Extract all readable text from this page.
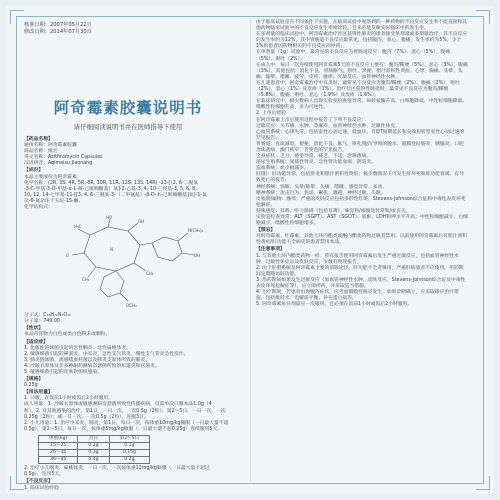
核准日期：2007年05月22日
修改日期：2014年07月30日
阿奇霉素胶囊说明书
请仔细阅读说明书并在医师指导下使用
【药品名称】
通用名称：阿奇霉素胶囊
商品名称：维宏
英文名称：Azithromycin Capsules
汉语拼音：Aqimeisu Jiaonang
【成份】
本品主要成份为阿奇霉素。
化学名称：(2R, 3S, 4R, 5R, 8R, 10R, 11R, 12S, 13S, 14R) -13-[（2, 6-二脱氧
-3-C-甲基-3-O-甲基-α-L-核-己吡喃糖基）氧]-2-乙基-3, 4, 10-三羟基-3, 5, 6, 8,
10, 12, 14-七甲基-11-[[3, 4, 6-三脱氧-3-（二甲氨基）-β-D-木-己吡喃糖基]氧]-1-氧
杂-6-氮杂环十五烷-15-酮。
化学结构式：
HO
OH
O
H₃C
N(CH₃)₂
OH
OCH₃
CH₃
CH₃
N
分子式：C₃₈H₇₂N₂O₁₂
分子量：749.00
【性状】
本品内容物为白色或类白色粉末或颗粒。
【适应症】
1. 化脓性链球菌引起的急性咽炎、急性扁桃体炎。
2. 敏感细菌引起的鼻窦炎、中耳炎、急性支气管炎、慢性支气管炎急性发作。
3. 肺炎链球菌、流感嗜血杆菌以及肺炎支原体所致的肺炎。
4. 沙眼衣原体及非多种耐药淋病奈瑟菌所致的尿道炎和宫颈炎。
5. 敏感细菌引起的皮肤软组织感染。
【规格】
0.25g
【用法用量】
1. 口服，在饭前1小时或饭后2小时服用。
成人用量：1. 沙眼衣原体或敏感淋病奈瑟菌所致性传播疾病，仅需单次口服本品1.0g（4
粒）。2. 对其他感染的治疗，第1日，一日一次，一次0.5g（2粒），第2～5日，一日一次，一次
0.25g（1粒）；或一日一次，一次0.5g（2粒），连服3日。
2. 小儿用量：1. 治疗中耳炎、肺炎，第1日，每日一次，按体重10mg/kg顿服（一日最大量不超
0.5g），第2～5日，每日一次，按体重5mg/kg顿服（一日最大量不超0.25g）连续服用5天。
体重(kg)	首日	第2～5日
15～25	0.2g	0.1g
26～35	0.3g	0.15g
36～45	0.4g	0.2g
2. 治疗小儿咽炎、扁桃体炎，一日一次，一次按体重12mg/kg顿服（一日最大量不超过
0.5g），连用5天。
【不良反应】
1. 临床试验经验
由于临床试验是在不同条件下实施，在临床试验中观察到的一种药物的不良反应发生率不能直接和其他药物临床试验中的不良反应发生率相比较，且未必能反映实际临床中的发生率。
在多剂量的临床试验中，阿奇霉素治疗社区获得性肺炎的患者接受单剂量或多剂量治疗，其不良反应的发生率约为12%，其中胃肠道不良反应最常见，包括腹泻、恶心、腹痛，发生率约为5%，少于1%的患者因药物相关的不良反应而停药。
在单剂量（1g）试验中，最常见的不良反应为胃肠道反应：腹泻（7%）、恶心（5%）、腹痛（5%）、呕吐（2%）。
在成人中，每日一次连续使用阿奇霉素5天的不良反应主要有：腹泻/稀便（5%）、恶心（3%）、腹痛（3%）。其他包括：消化不良、胃肠胀气、呕吐、黑便、胆汁淤积性黄疸、心悸、胸痛、头晕、头痛、眩晕、嗜睡、疲劳、皮疹、瘙痒、光敏反应、血管神经性水肿。
在儿童患者中，阿奇霉素治疗中耳炎时，最常见不良反应为腹泻/稀便（2%）、腹痛（2%）、呕吐（2%）、恶心（1%）及皮疹（1%）。治疗社区获得性肺炎时，最常见不良反应为腹泻/稀便（5.8%）、腹痛、呕吐、恶心（1.9%）及皮疹（1.6%）。
在临床研究中，极少数病人出现实验室检查值异常，如转氨酶升高、白细胞降低、中性粒细胞降低、嗜酸性粒细胞升高，多为可逆性。
2. 上市后经验
在阿奇霉素上市后使用过程中报告了下列不良反应：
过敏反应：关节痛、水肿、荨麻疹、血管神经性水肿、过敏性休克。
心血管系统：心律失常，包括室性心动过速、低血压。有QT间期延长和尖端扭转型室性心动过速的罕见报告。
胃肠道：食欲减退、便秘、消化不良、胀气、呕吐/腹泻导致的脱水、假膜性结肠炎、胰腺炎、口腔念珠菌病、幽门狭窄、舌变色的罕见报告。
全身症状：乏力、感觉异常、疲乏、不适、念珠菌病。
泌尿生殖系统：间质性肾炎、急性肾功能衰竭、阴道炎。
造血系统：血小板减少。
肝/胆：肝功能异常，包括肝炎和胆汁淤积性黄疸；极少数情况下可发生肝坏死和肝功能衰竭，有导致死亡的报告。
神经系统：惊厥、头晕/眩晕、头痛、嗜睡、感觉异常、多动。
精神系统：攻击行为、焦虑、紧张、激越、神经过敏、失眠。
皮肤/附属物：瘙痒；严重的皮肤反应包括多形性红斑、Stevens-Johnson综合征和中毒性表皮坏死松解症。
特殊感觉：耳鸣、听力障碍（包括耳聋）、味觉和/或嗅觉异常和/或丧失。
实验室检查异常：ALT（SGPT）、AST（SGOT）、肌酐、LDH和钾水平升高；中性粒细胞减少、白细胞减少、嗜酸性粒细胞增多。
【禁忌】
对阿奇霉素、红霉素、其他大环内酯类或酮内酯类药物过敏者禁用。以前使用阿奇霉素后有胆汁淤积性黄疸/肝功能不全病史的患者禁用本品。
【注意事项】
1. 与其他大环内酯类药物一样，曾有报告使用阿奇霉素后发生严重过敏反应，包括血管神经性水肿、过敏性休克以及皮肤反应，少数有致死报告。
2. 由于肝胆系统是阿奇霉素主要的消除途径，肝功能不全者慎用，严重肝病患者不应使用。用药期间定期随访肝功能。
3. 用药期间如果发生过敏反应（如血管神经性水肿、皮肤反应、Stevens-Johnson综合征及中毒性表皮坏死松解症等），应立即停药，并采取适当措施。
4. 治疗期间，若患者出现腹泻症状，应考虑假膜性肠炎发生。如果诊断确立，应采取相应治疗措施，包括维持水、电解质平衡、补充蛋白质等。
5. 阿奇霉素每日剂量应一次服用，且必须在饭前1小时或饭后2小时服用。
